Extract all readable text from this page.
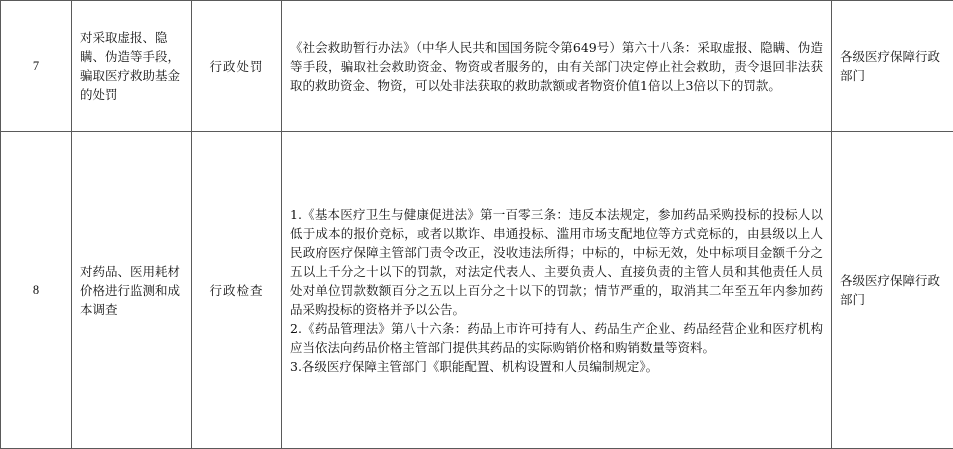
7	对采取虚报、隐瞒、伪造等手段，骗取医疗救助基金的处罚	行政处罚	《社会救助暂行办法》（中华人民共和国国务院令第649号）第六十八条：采取虚报、隐瞒、伪造等手段，骗取社会救助资金、物资或者服务的，由有关部门决定停止社会救助，责令退回非法获取的救助资金、物资，可以处非法获取的救助款额或者物资价值1倍以上3倍以下的罚款。	各级医疗保障行政部门
8	对药品、医用耗材价格进行监测和成本调查	行政检查	1.《基本医疗卫生与健康促进法》第一百零三条：违反本法规定，参加药品采购投标的投标人以低于成本的报价竞标，或者以欺诈、串通投标、滥用市场支配地位等方式竞标的，由县级以上人民政府医疗保障主管部门责令改正，没收违法所得；中标的，中标无效，处中标项目金额千分之五以上千分之十以下的罚款，对法定代表人、主要负责人、直接负责的主管人员和其他责任人员处对单位罚款数额百分之五以上百分之十以下的罚款；情节严重的，取消其二年至五年内参加药品采购投标的资格并予以公告。
2.《药品管理法》第八十六条：药品上市许可持有人、药品生产企业、药品经营企业和医疗机构应当依法向药品价格主管部门提供其药品的实际购销价格和购销数量等资料。
3.各级医疗保障主管部门《职能配置、机构设置和人员编制规定》。	各级医疗保障行政部门
